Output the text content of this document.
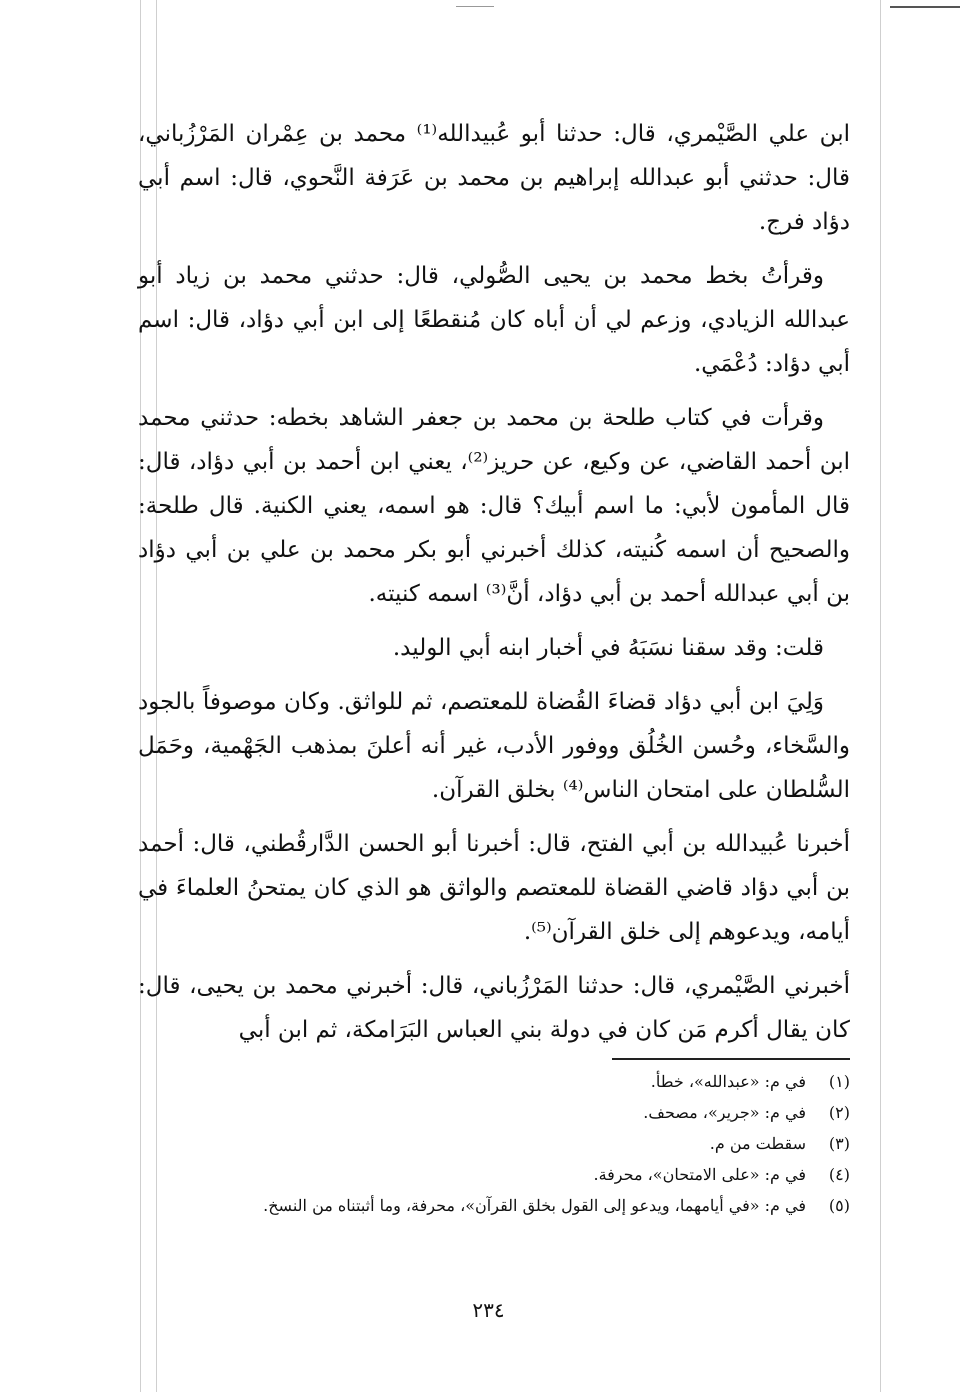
ابن علي الصَّيْمري، قال: حدثنا أبو عُبيدالله⁽¹⁾ محمد بن عِمْران المَرْزُباني، قال: حدثني أبو عبدالله إبراهيم بن محمد بن عَرَفة النَّحوي، قال: اسم أبي دؤاد فرج.

وقرأتُ بخط محمد بن يحيى الصُّولي، قال: حدثني محمد بن زياد أبو عبدالله الزيادي، وزعم لي أن أباه كان مُنقطعًا إلى ابن أبي دؤاد، قال: اسم أبي دؤاد: دُعْمَي.

وقرأت في كتاب طلحة بن محمد بن جعفر الشاهد بخطه: حدثني محمد ابن أحمد القاضي، عن وكيع، عن حريز⁽²⁾، يعني ابن أحمد بن أبي دؤاد، قال: قال المأمون لأبي: ما اسم أبيك؟ قال: هو اسمه، يعني الكنية. قال طلحة: والصحيح أن اسمه كُنيته، كذلك أخبرني أبو بكر محمد بن علي بن أبي دؤاد بن أبي عبدالله أحمد بن أبي دؤاد، أنَّ⁽³⁾ اسمه كنيته.

قلت: وقد سقنا نسَبَهُ في أخبار ابنه أبي الوليد.

وَلِيَ ابن أبي دؤاد قضاءَ القُضاة للمعتصم، ثم للواثق. وكان موصوفاً بالجود والسَّخاء، وحُسن الخُلُق ووفور الأدب، غير أنه أعلنَ بمذهب الجَهْمية، وحَمَل السُّلطان على امتحان الناس⁽⁴⁾ بخلق القرآن.

أخبرنا عُبيدالله بن أبي الفتح، قال: أخبرنا أبو الحسن الدَّارقُطني، قال: أحمد بن أبي دؤاد قاضي القضاة للمعتصم والواثق هو الذي كان يمتحنُ العلماءَ في أيامه، ويدعوهم إلى خلق القرآن⁽⁵⁾.

أخبرني الصَّيْمري، قال: حدثنا المَرْزُباني، قال: أخبرني محمد بن يحيى، قال: كان يقال أكرم مَن كان في دولة بني العباس البَرَامكة، ثم ابن أبي

(١)
في م: «عبدالله»، خطأ.
(٢)
في م: «جرير»، مصحف.
(٣)
سقطت من م.
(٤)
في م: «على الامتحان»، محرفة.
(٥)
في م: «في أيامهما، ويدعو إلى القول بخلق القرآن»، محرفة، وما أثبتناه من النسخ.
٢٣٤
